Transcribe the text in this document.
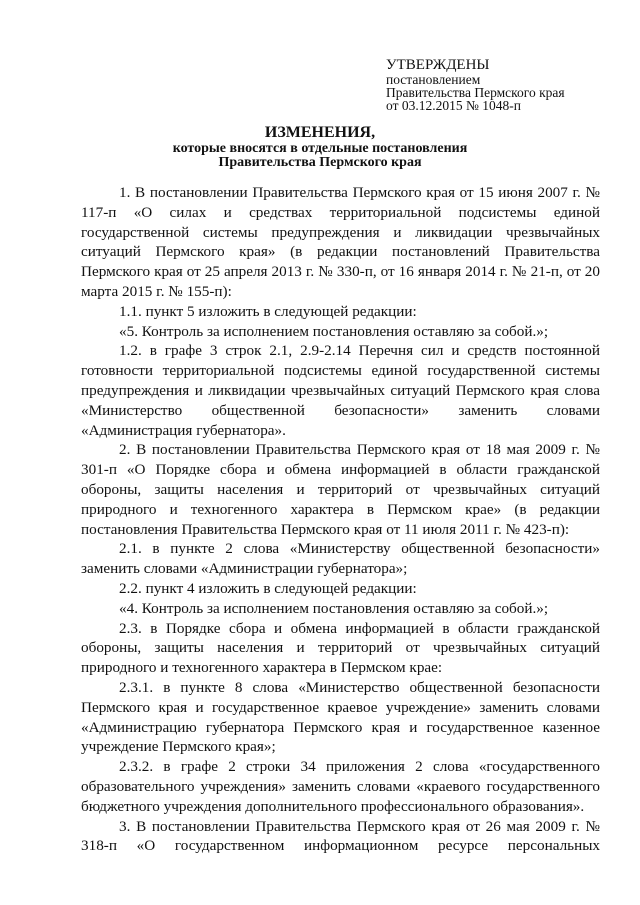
УТВЕРЖДЕНЫ
постановлением
Правительства Пермского края
от 03.12.2015 № 1048-п
ИЗМЕНЕНИЯ,
которые вносятся в отдельные постановления
Правительства Пермского края

1. В постановлении Правительства Пермского края от 15 июня 2007 г. № 117-п «О силах и средствах территориальной подсистемы единой государственной системы предупреждения и ликвидации чрезвычайных ситуаций Пермского края» (в редакции постановлений Правительства Пермского края от 25 апреля 2013 г. № 330-п, от 16 января 2014 г. № 21-п, от 20 марта 2015 г. № 155-п):

1.1. пункт 5 изложить в следующей редакции:

«5. Контроль за исполнением постановления оставляю за собой.»;

1.2. в графе 3 строк 2.1, 2.9-2.14 Перечня сил и средств постоянной готовности территориальной подсистемы единой государственной системы предупреждения и ликвидации чрезвычайных ситуаций Пермского края слова «Министерство общественной безопасности» заменить словами «Администрация губернатора».

2. В постановлении Правительства Пермского края от 18 мая 2009 г. № 301-п «О Порядке сбора и обмена информацией в области гражданской обороны, защиты населения и территорий от чрезвычайных ситуаций природного и техногенного характера в Пермском крае» (в редакции постановления Правительства Пермского края от 11 июля 2011 г. № 423-п):

2.1. в пункте 2 слова «Министерству общественной безопасности» заменить словами «Администрации губернатора»;

2.2. пункт 4 изложить в следующей редакции:

«4. Контроль за исполнением постановления оставляю за собой.»;

2.3. в Порядке сбора и обмена информацией в области гражданской обороны, защиты населения и территорий от чрезвычайных ситуаций природного и техногенного характера в Пермском крае:

2.3.1. в пункте 8 слова «Министерство общественной безопасности Пермского края и государственное краевое учреждение» заменить словами «Администрацию губернатора Пермского края и государственное казенное учреждение Пермского края»;

2.3.2. в графе 2 строки 34 приложения 2 слова «государственного образовательного учреждения» заменить словами «краевого государственного бюджетного учреждения дополнительного профессионального образования».

3. В постановлении Правительства Пермского края от 26 мая 2009 г. № 318-п «О государственном информационном ресурсе персональных
